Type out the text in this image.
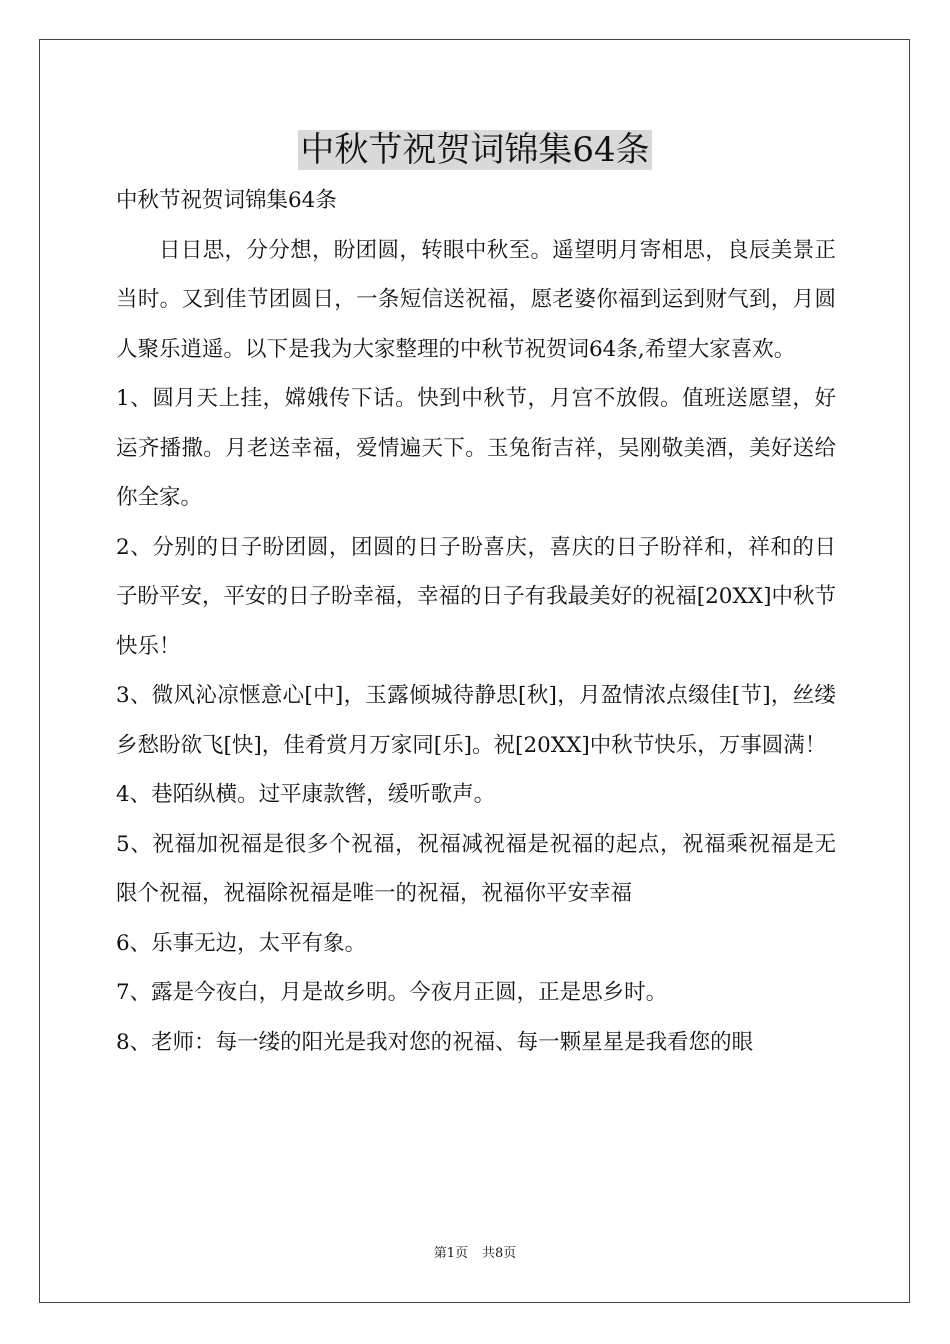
中秋节祝贺词锦集64条

中秋节祝贺词锦集64条

日日思，分分想，盼团圆，转眼中秋至。遥望明月寄相思，良辰美景正当时。又到佳节团圆日，一条短信送祝福，愿老婆你福到运到财气到，月圆人聚乐逍遥。以下是我为大家整理的中秋节祝贺词64条,希望大家喜欢。

1、圆月天上挂，嫦娥传下话。快到中秋节，月宫不放假。值班送愿望，好运齐播撒。月老送幸福，爱情遍天下。玉兔衔吉祥，吴刚敬美酒，美好送给你全家。

2、分别的日子盼团圆，团圆的日子盼喜庆，喜庆的日子盼祥和，祥和的日子盼平安，平安的日子盼幸福，幸福的日子有我最美好的祝福[20XX]中秋节快乐！

3、微风沁凉惬意心[中]，玉露倾城待静思[秋]，月盈情浓点缀佳[节]，丝缕乡愁盼欲飞[快]，佳肴赏月万家同[乐]。祝[20XX]中秋节快乐，万事圆满！

4、巷陌纵横。过平康款辔，缓听歌声。

5、祝福加祝福是很多个祝福，祝福减祝福是祝福的起点，祝福乘祝福是无限个祝福，祝福除祝福是唯一的祝福，祝福你平安幸福

6、乐事无边，太平有象。

7、露是今夜白，月是故乡明。今夜月正圆，正是思乡时。

8、老师：每一缕的阳光是我对您的祝福、每一颗星星是我看您的眼

第1页 共8页
